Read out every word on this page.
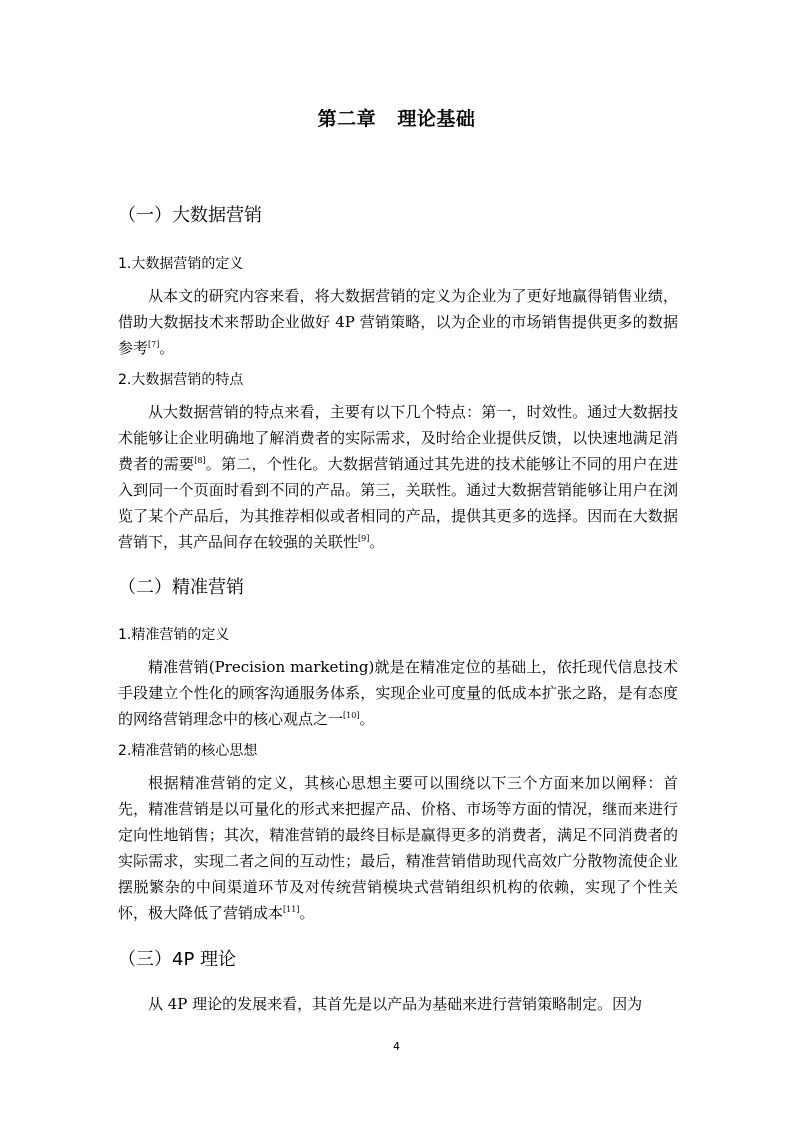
第二章   理论基础
（一）大数据营销
1.大数据营销的定义
从本文的研究内容来看，将大数据营销的定义为企业为了更好地赢得销售业绩，借助大数据技术来帮助企业做好 4P 营销策略，以为企业的市场销售提供更多的数据参考[7]。
2.大数据营销的特点
从大数据营销的特点来看，主要有以下几个特点：第一，时效性。通过大数据技术能够让企业明确地了解消费者的实际需求，及时给企业提供反馈，以快速地满足消费者的需要[8]。第二，个性化。大数据营销通过其先进的技术能够让不同的用户在进入到同一个页面时看到不同的产品。第三，关联性。通过大数据营销能够让用户在浏览了某个产品后，为其推荐相似或者相同的产品，提供其更多的选择。因而在大数据营销下，其产品间存在较强的关联性[9]。
（二）精准营销
1.精准营销的定义
精准营销(Precision marketing)就是在精准定位的基础上，依托现代信息技术手段建立个性化的顾客沟通服务体系，实现企业可度量的低成本扩张之路，是有态度的网络营销理念中的核心观点之一[10]。
2.精准营销的核心思想
根据精准营销的定义，其核心思想主要可以围绕以下三个方面来加以阐释：首先，精准营销是以可量化的形式来把握产品、价格、市场等方面的情况，继而来进行定向性地销售；其次，精准营销的最终目标是赢得更多的消费者，满足不同消费者的实际需求，实现二者之间的互动性；最后，精准营销借助现代高效广分散物流使企业摆脱繁杂的中间渠道环节及对传统营销模块式营销组织机构的依赖，实现了个性关怀，极大降低了营销成本[11]。
（三）4P 理论
从 4P 理论的发展来看，其首先是以产品为基础来进行营销策略制定。因为
4
